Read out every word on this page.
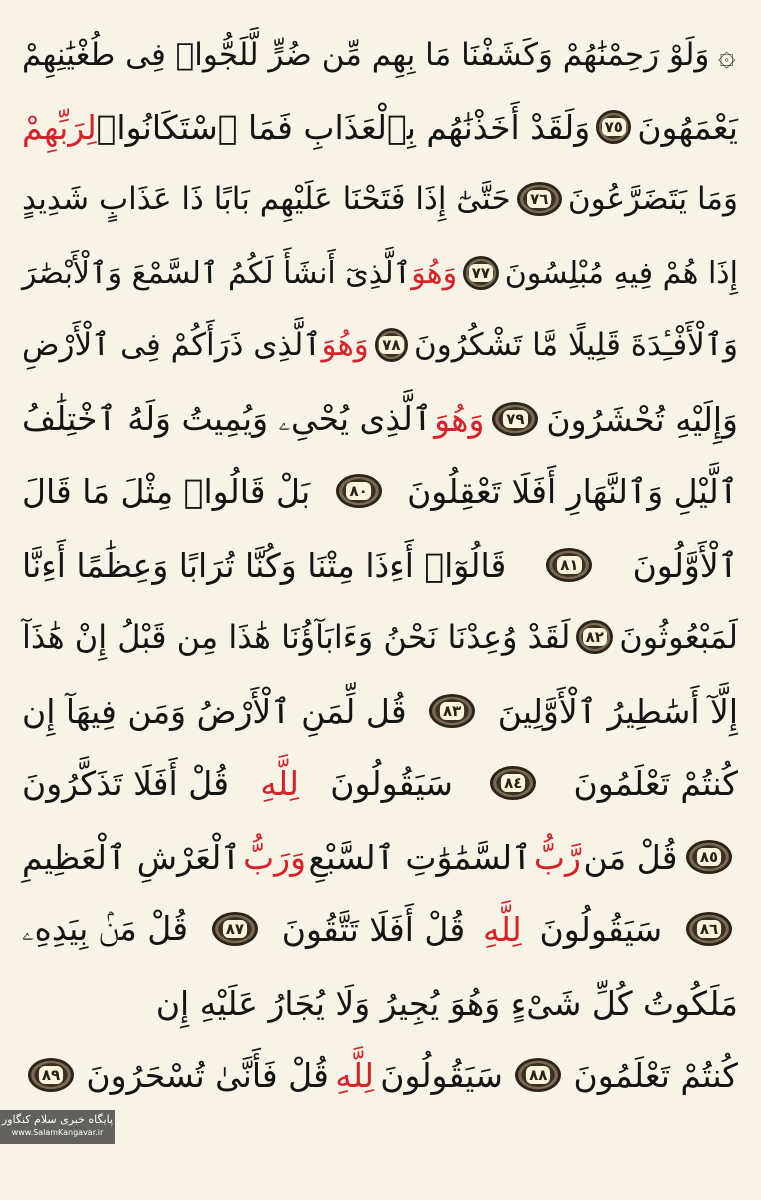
۞
وَلَوْ رَحِمْنَٰهُمْ وَكَشَفْنَا مَا بِهِم مِّن ضُرٍّ لَّلَجُّوا۟ فِى طُغْيَٰنِهِمْ
يَعْمَهُونَ
٧٥
وَلَقَدْ أَخَذْنَٰهُم بِٱلْعَذَابِ فَمَا ٱسْتَكَانُوا۟
لِرَبِّهِمْ
وَمَا يَتَضَرَّعُونَ
٧٦
حَتَّىٰٓ إِذَا فَتَحْنَا عَلَيْهِم بَابًا ذَا عَذَابٍ شَدِيدٍ
إِذَا هُمْ فِيهِ مُبْلِسُونَ
٧٧
وَهُوَ
ٱلَّذِىٓ أَنشَأَ لَكُمُ ٱلسَّمْعَ وَٱلْأَبْصَٰرَ
وَٱلْأَفْـِٔدَةَ قَلِيلًا مَّا تَشْكُرُونَ
٧٨
وَهُوَ
ٱلَّذِى ذَرَأَكُمْ فِى ٱلْأَرْضِ
وَإِلَيْهِ تُحْشَرُونَ
٧٩
وَهُوَ
ٱلَّذِى يُحْىِۦ وَيُمِيتُ وَلَهُ ٱخْتِلَٰفُ
ٱلَّيْلِ وَٱلنَّهَارِ أَفَلَا تَعْقِلُونَ
٨٠
بَلْ قَالُوا۟ مِثْلَ مَا قَالَ
ٱلْأَوَّلُونَ
٨١
قَالُوٓا۟ أَءِذَا مِتْنَا وَكُنَّا تُرَابًا وَعِظَٰمًا أَءِنَّا
لَمَبْعُوثُونَ
٨٢
لَقَدْ وُعِدْنَا نَحْنُ وَءَابَآؤُنَا هَٰذَا مِن قَبْلُ إِنْ هَٰذَآ
إِلَّآ أَسَٰطِيرُ ٱلْأَوَّلِينَ
٨٣
قُل لِّمَنِ ٱلْأَرْضُ وَمَن فِيهَآ إِن
كُنتُمْ تَعْلَمُونَ
٨٤
سَيَقُولُونَ
لِلَّهِ
قُلْ أَفَلَا تَذَكَّرُونَ
٨٥
قُلْ مَن
رَّبُّ
ٱلسَّمَٰوَٰتِ ٱلسَّبْعِ
وَرَبُّ
ٱلْعَرْشِ ٱلْعَظِيمِ
٨٦
سَيَقُولُونَ
لِلَّهِ
قُلْ أَفَلَا تَتَّقُونَ
٨٧
قُلْ مَنۢ بِيَدِهِۦ
مَلَكُوتُ كُلِّ شَىْءٍ وَهُوَ يُجِيرُ وَلَا يُجَارُ عَلَيْهِ إِن
كُنتُمْ تَعْلَمُونَ
٨٨
سَيَقُولُونَ
لِلَّهِ
قُلْ فَأَنَّىٰ تُسْحَرُونَ
٨٩
پایگاه خبری سلام کنگاور
www.SalamKangavar.ir
